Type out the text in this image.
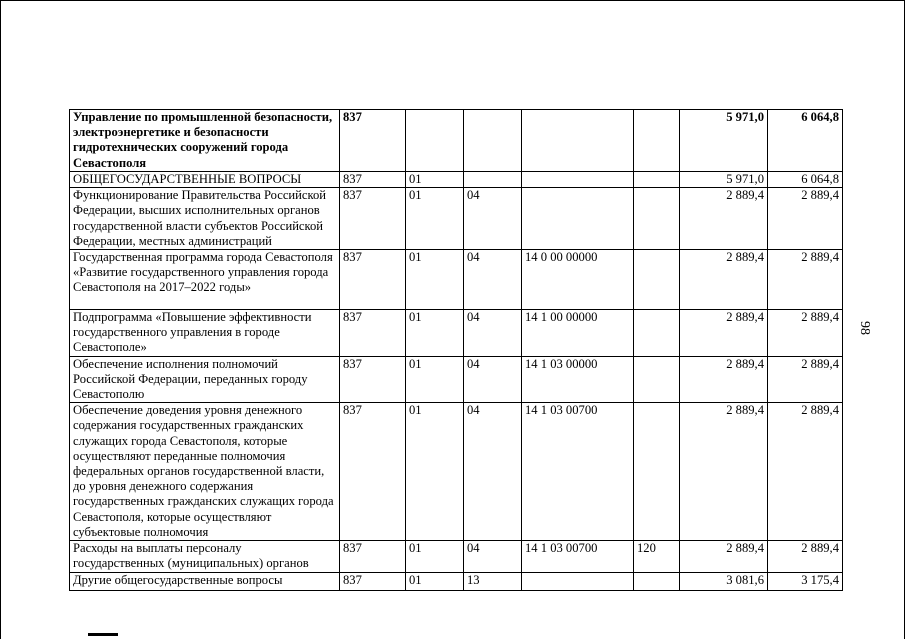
Управление по промышленной безопасности, электроэнергетике и безопасности гидротехнических сооружений города Севастополя	837					5 971,0	6 064,8
ОБЩЕГОСУДАРСТВЕННЫЕ ВОПРОСЫ	837	01				5 971,0	6 064,8
Функционирование Правительства Российской Федерации, высших исполнительных органов государственной власти субъектов Российской Федерации, местных администраций	837	01	04			2 889,4	2 889,4
Государственная программа города Севастополя «Развитие государственного управления города Севастополя на 2017–2022 годы»	837	01	04	14 0 00 00000		2 889,4	2 889,4
Подпрограмма «Повышение эффективности государственного управления в городе Севастополе»	837	01	04	14 1 00 00000		2 889,4	2 889,4
Обеспечение исполнения полномочий Российской Федерации, переданных городу Севастополю	837	01	04	14 1 03 00000		2 889,4	2 889,4
Обеспечение доведения уровня денежного содержания государственных гражданских служащих города Севастополя, которые осуществляют переданные полномочия федеральных органов государственной власти, до уровня денежного содержания государственных гражданских служащих города Севастополя, которые осуществляют субъектовые полномочия	837	01	04	14 1 03 00700		2 889,4	2 889,4
Расходы на выплаты персоналу государственных (муниципальных) органов	837	01	04	14 1 03 00700	120	2 889,4	2 889,4
Другие общегосударственные вопросы	837	01	13			3 081,6	3 175,4
98
